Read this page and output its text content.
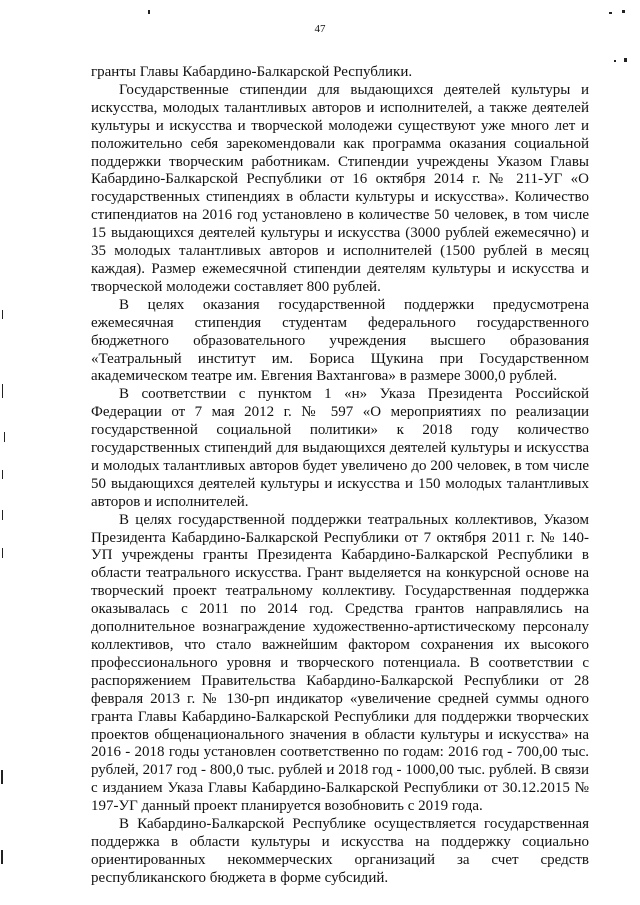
47

гранты Главы Кабардино-Балкарской Республики.

Государственные стипендии для выдающихся деятелей культуры и искусства, молодых талантливых авторов и исполнителей, а также деятелей культуры и искусства и творческой молодежи существуют уже много лет и положительно себя зарекомендовали как программа оказания социальной поддержки творческим работникам. Стипендии учреждены Указом Главы Кабардино-Балкарской Республики от 16 октября 2014 г. № 211-УГ «О государственных стипендиях в области культуры и искусства». Количество стипендиатов на 2016 год установлено в количестве 50 человек, в том числе 15 выдающихся деятелей культуры и искусства (3000 рублей ежемесячно) и 35 молодых талантливых авторов и исполнителей (1500 рублей в месяц каждая). Размер ежемесячной стипендии деятелям культуры и искусства и творческой молодежи составляет 800 рублей.

В целях оказания государственной поддержки предусмотрена ежемесячная стипендия студентам федерального государственного бюджетного образовательного учреждения высшего образования «Театральный институт им. Бориса Щукина при Государственном академическом театре им. Евгения Вахтангова» в размере 3000,0 рублей.

В соответствии с пунктом 1 «н» Указа Президента Российской Федерации от 7 мая 2012 г. № 597 «О мероприятиях по реализации государственной социальной политики» к 2018 году количество государственных стипендий для выдающихся деятелей культуры и искусства и молодых талантливых авторов будет увеличено до 200 человек, в том числе 50 выдающихся деятелей культуры и искусства и 150 молодых талантливых авторов и исполнителей.

В целях государственной поддержки театральных коллективов, Указом Президента Кабардино-Балкарской Республики от 7 октября 2011 г. № 140-УП учреждены гранты Президента Кабардино-Балкарской Республики в области театрального искусства. Грант выделяется на конкурсной основе на творческий проект театральному коллективу. Государственная поддержка оказывалась с 2011 по 2014 год. Средства грантов направлялись на дополнительное вознаграждение художественно-артистическому персоналу коллективов, что стало важнейшим фактором сохранения их высокого профессионального уровня и творческого потенциала. В соответствии с распоряжением Правительства Кабардино-Балкарской Республики от 28 февраля 2013 г. № 130-рп индикатор «увеличение средней суммы одного гранта Главы Кабардино-Балкарской Республики для поддержки творческих проектов общенационального значения в области культуры и искусства» на 2016 - 2018 годы установлен соответственно по годам: 2016 год - 700,00 тыс. рублей, 2017 год - 800,0 тыс. рублей и 2018 год - 1000,00 тыс. рублей. В связи с изданием Указа Главы Кабардино-Балкарской Республики от 30.12.2015 № 197-УГ данный проект планируется возобновить с 2019 года.

В Кабардино-Балкарской Республике осуществляется государственная поддержка в области культуры и искусства на поддержку социально ориентированных некоммерческих организаций за счет средств республиканского бюджета в форме субсидий.
